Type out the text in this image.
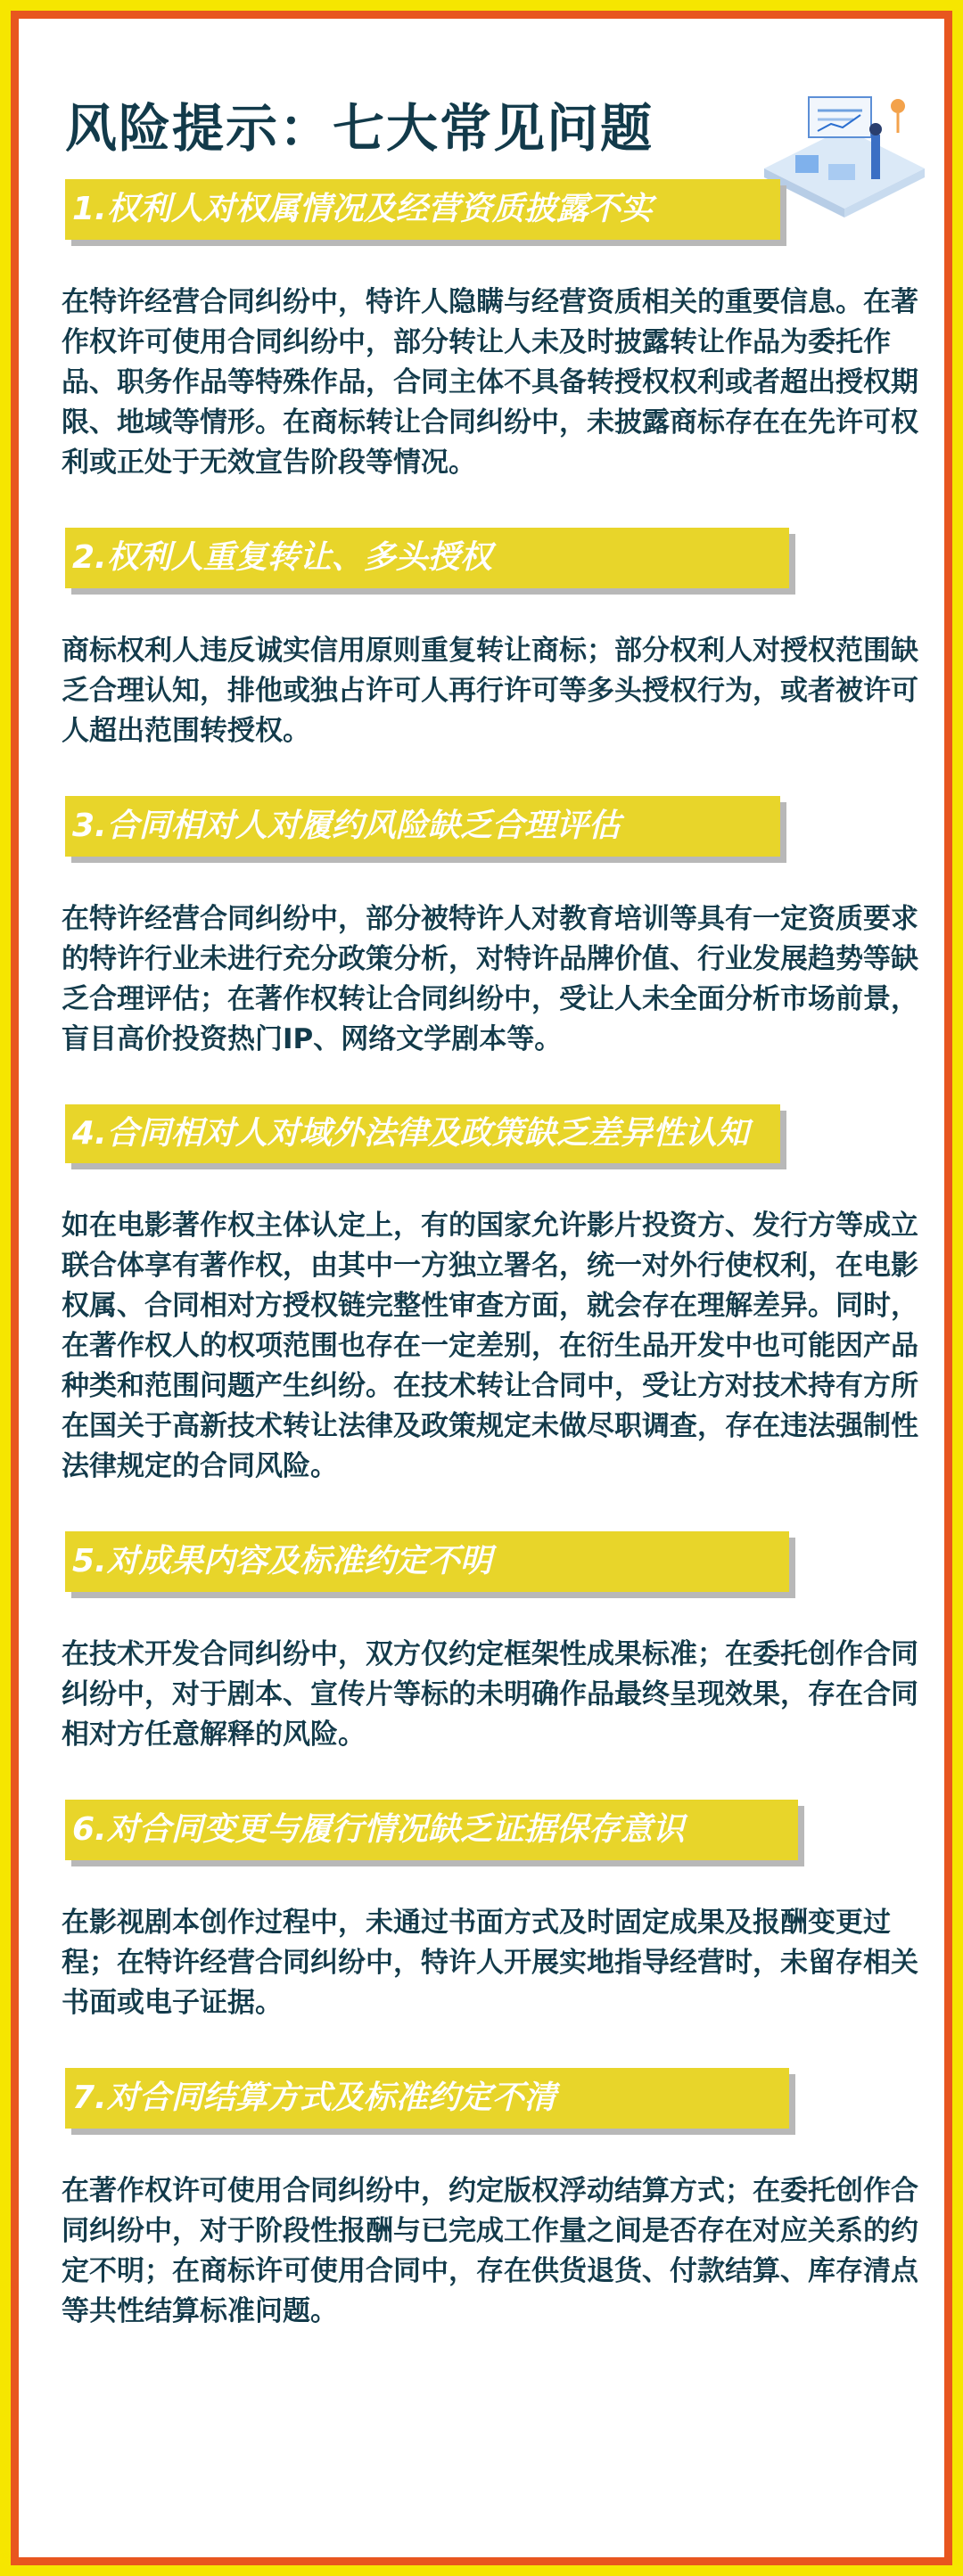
风险提示：七大常见问题
1.权利人对权属情况及经营资质披露不实
在特许经营合同纠纷中，特许人隐瞒与经营资质相关的重要信息。在著作权许可使用合同纠纷中，部分转让人未及时披露转让作品为委托作品、职务作品等特殊作品，合同主体不具备转授权权利或者超出授权期限、地域等情形。在商标转让合同纠纷中，未披露商标存在在先许可权利或正处于无效宣告阶段等情况。
2.权利人重复转让、多头授权
商标权利人违反诚实信用原则重复转让商标；部分权利人对授权范围缺乏合理认知，排他或独占许可人再行许可等多头授权行为，或者被许可人超出范围转授权。
3.合同相对人对履约风险缺乏合理评估
在特许经营合同纠纷中，部分被特许人对教育培训等具有一定资质要求的特许行业未进行充分政策分析，对特许品牌价值、行业发展趋势等缺乏合理评估；在著作权转让合同纠纷中，受让人未全面分析市场前景，盲目高价投资热门IP、网络文学剧本等。
4.合同相对人对域外法律及政策缺乏差异性认知
如在电影著作权主体认定上，有的国家允许影片投资方、发行方等成立联合体享有著作权，由其中一方独立署名，统一对外行使权利，在电影权属、合同相对方授权链完整性审查方面，就会存在理解差异。同时，在著作权人的权项范围也存在一定差别，在衍生品开发中也可能因产品种类和范围问题产生纠纷。在技术转让合同中，受让方对技术持有方所在国关于高新技术转让法律及政策规定未做尽职调查，存在违法强制性法律规定的合同风险。
5.对成果内容及标准约定不明
在技术开发合同纠纷中，双方仅约定框架性成果标准；在委托创作合同纠纷中，对于剧本、宣传片等标的未明确作品最终呈现效果，存在合同相对方任意解释的风险。
6.对合同变更与履行情况缺乏证据保存意识
在影视剧本创作过程中，未通过书面方式及时固定成果及报酬变更过程；在特许经营合同纠纷中，特许人开展实地指导经营时，未留存相关书面或电子证据。
7.对合同结算方式及标准约定不清
在著作权许可使用合同纠纷中，约定版权浮动结算方式；在委托创作合同纠纷中，对于阶段性报酬与已完成工作量之间是否存在对应关系的约定不明；在商标许可使用合同中，存在供货退货、付款结算、库存清点等共性结算标准问题。
